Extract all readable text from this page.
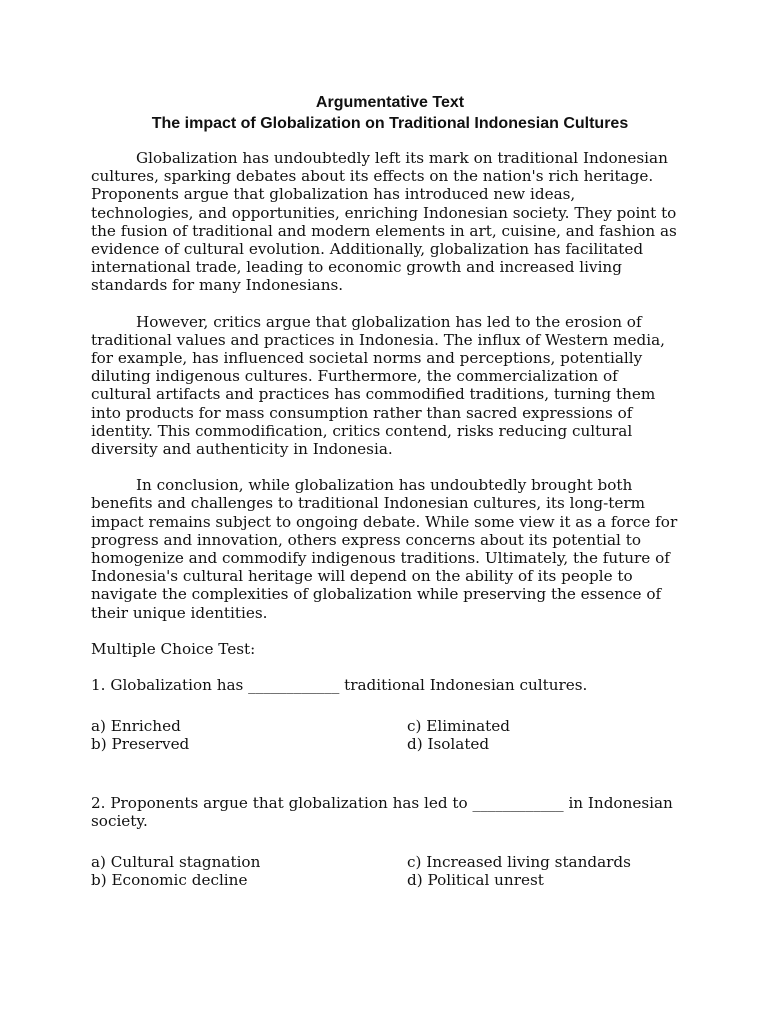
Argumentative Text

The impact of Globalization on Traditional Indonesian Cultures

Globalization has undoubtedly left its mark on traditional Indonesian cultures, sparking debates about its effects on the nation's rich heritage. Proponents argue that globalization has introduced new ideas, technologies, and opportunities, enriching Indonesian society. They point to the fusion of traditional and modern elements in art, cuisine, and fashion as evidence of cultural evolution. Additionally, globalization has facilitated international trade, leading to economic growth and increased living standards for many Indonesians.

However, critics argue that globalization has led to the erosion of traditional values and practices in Indonesia. The influx of Western media, for example, has influenced societal norms and perceptions, potentially diluting indigenous cultures. Furthermore, the commercialization of cultural artifacts and practices has commodified traditions, turning them into products for mass consumption rather than sacred expressions of identity. This commodification, critics contend, risks reducing cultural diversity and authenticity in Indonesia.

In conclusion, while globalization has undoubtedly brought both benefits and challenges to traditional Indonesian cultures, its long-term impact remains subject to ongoing debate. While some view it as a force for progress and innovation, others express concerns about its potential to homogenize and commodify indigenous traditions. Ultimately, the future of Indonesia's cultural heritage will depend on the ability of its people to navigate the complexities of globalization while preserving the essence of their unique identities.

Multiple Choice Test:

1. Globalization has ____________ traditional Indonesian cultures.

a) Enriched	c) Eliminated
b) Preserved	d) Isolated

2. Proponents argue that globalization has led to ____________ in Indonesian society.

a) Cultural stagnation	c) Increased living standards
b) Economic decline	d) Political unrest
